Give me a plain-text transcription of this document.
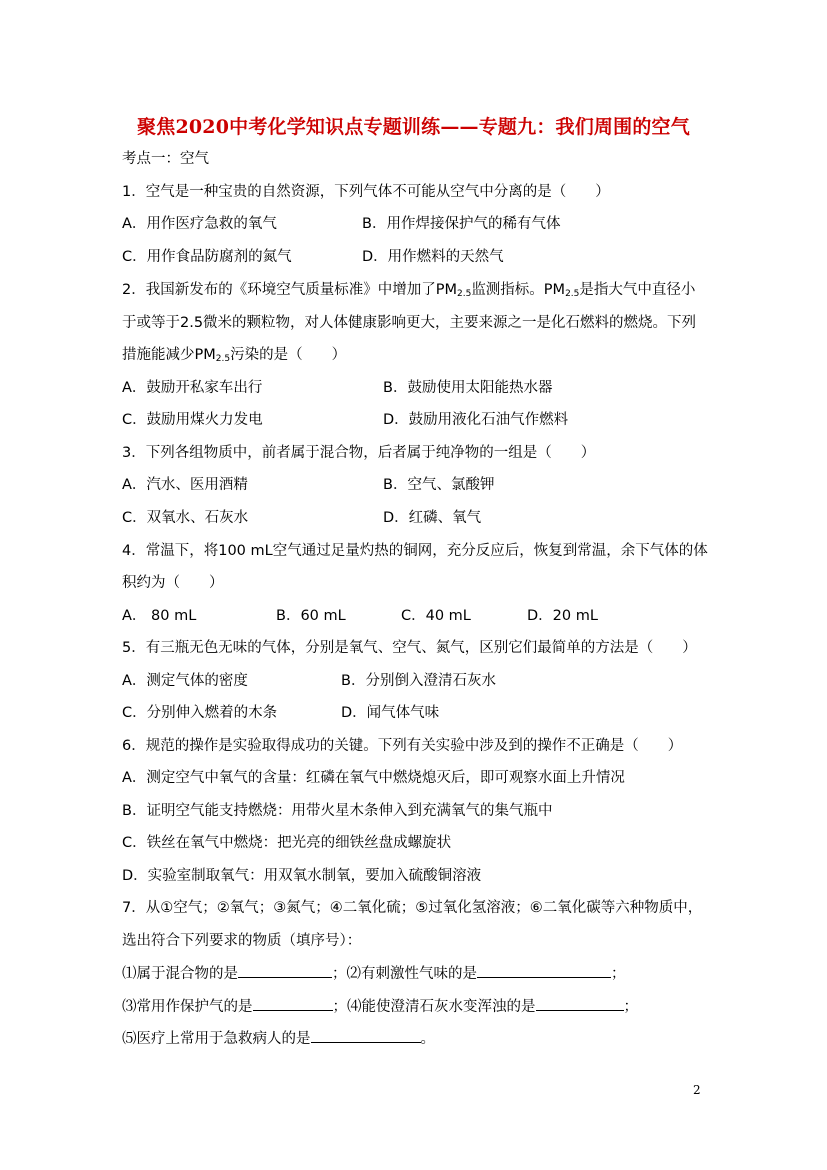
聚焦2020中考化学知识点专题训练——专题九：我们周围的空气
考点一：空气
1．空气是一种宝贵的自然资源，下列气体不可能从空气中分离的是（　　）
A．用作医疗急救的氧气	B．用作焊接保护气的稀有气体
C．用作食品防腐剂的氮气	D．用作燃料的天然气
2．我国新发布的《环境空气质量标准》中增加了$PM_{2.5}$监测指标。$PM_{2.5}$是指大气中直径小
于或等于2.5微米的颗粒物，对人体健康影响更大，主要来源之一是化石燃料的燃烧。下列
措施能减少$PM_{2.5}$污染的是（　　）
A．鼓励开私家车出行	B．鼓励使用太阳能热水器
C．鼓励用煤火力发电	D．鼓励用液化石油气作燃料
3．下列各组物质中，前者属于混合物，后者属于纯净物的一组是（　　）
A．汽水、医用酒精	B．空气、氯酸钾
C．双氧水、石灰水	D．红磷、氧气
4．常温下，将100 mL空气通过足量灼热的铜网，充分反应后，恢复到常温，余下气体的体
积约为（　　）
A． 80 mL	B．60 mL	C．40 mL	D．20 mL
5．有三瓶无色无味的气体，分别是氧气、空气、氮气，区别它们最简单的方法是（　　）
A．测定气体的密度	B．分别倒入澄清石灰水
C．分别伸入燃着的木条	D．闻气体气味
6．规范的操作是实验取得成功的关键。下列有关实验中涉及到的操作不正确是（　　）
A．测定空气中氧气的含量：红磷在氧气中燃烧熄灭后，即可观察水面上升情况
B．证明空气能支持燃烧：用带火星木条伸入到充满氧气的集气瓶中
C．铁丝在氧气中燃烧：把光亮的细铁丝盘成螺旋状
D．实验室制取氧气：用双氧水制氧，要加入硫酸铜溶液
7．从①空气；②氧气；③氮气；④二氧化硫；⑤过氧化氢溶液；⑥二氧化碳等六种物质中，
选出符合下列要求的物质（填序号）：
⑴属于混合物的是	；⑵有刺激性气味的是	；
⑶常用作保护气的是	；⑷能使澄清石灰水变浑浊的是	；
⑸医疗上常用于急救病人的是	。
2
